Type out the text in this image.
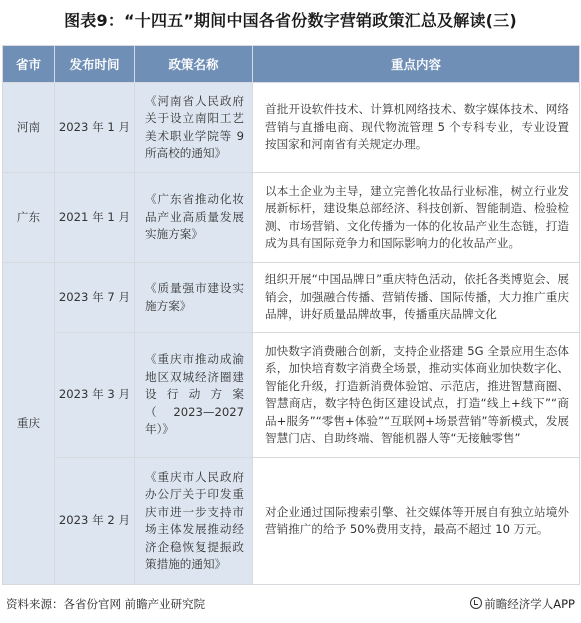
图表9：“十四五”期间中国各省份数字营销政策汇总及解读(三)
省市	发布时间	政策名称	重点内容
河南	2023 年 1 月	《河南省人民政府关于设立南阳工艺美术职业学院等 9 所高校的通知》	首批开设软件技术、计算机网络技术、数字媒体技术、网络营销与直播电商、现代物流管理 5 个专科专业，专业设置按国家和河南省有关规定办理。
广东	2021 年 1 月	《广东省推动化妆品产业高质量发展实施方案》	以本土企业为主导，建立完善化妆品行业标准，树立行业发展新标杆，建设集总部经济、科技创新、智能制造、检验检测、市场营销、文化传播为一体的化妆品产业生态链，打造成为具有国际竞争力和国际影响力的化妆品产业。
重庆	2023 年 7 月	《质量强市建设实施方案》	组织开展“中国品牌日”重庆特色活动，依托各类博览会、展销会，加强融合传播、营销传播、国际传播，大力推广重庆品牌，讲好质量品牌故事，传播重庆品牌文化
	2023 年 3 月	《重庆市推动成渝地区双城经济圈建设行动方案（2023—2027 年）》	加快数字消费融合创新，支持企业搭建 5G 全景应用生态体系，加快培育数字消费全场景，推动实体商业加快数字化、智能化升级，打造新消费体验馆、示范店，推进智慧商圈、智慧商店，数字特色街区建设试点，打造“线上+线下”“商品+服务”“零售+体验”“互联网+场景营销”等新模式，发展智慧门店、自助终端、智能机器人等“无接触零售”
	2023 年 2 月	《重庆市人民政府办公厅关于印发重庆市进一步支持市场主体发展推动经济企稳恢复提振政策措施的通知》	对企业通过国际搜索引擎、社交媒体等开展自有独立站境外营销推广的给予 50%费用支持，最高不超过 10 万元。
资料来源：各省份官网 前瞻产业研究院	前瞻经济学人APP
